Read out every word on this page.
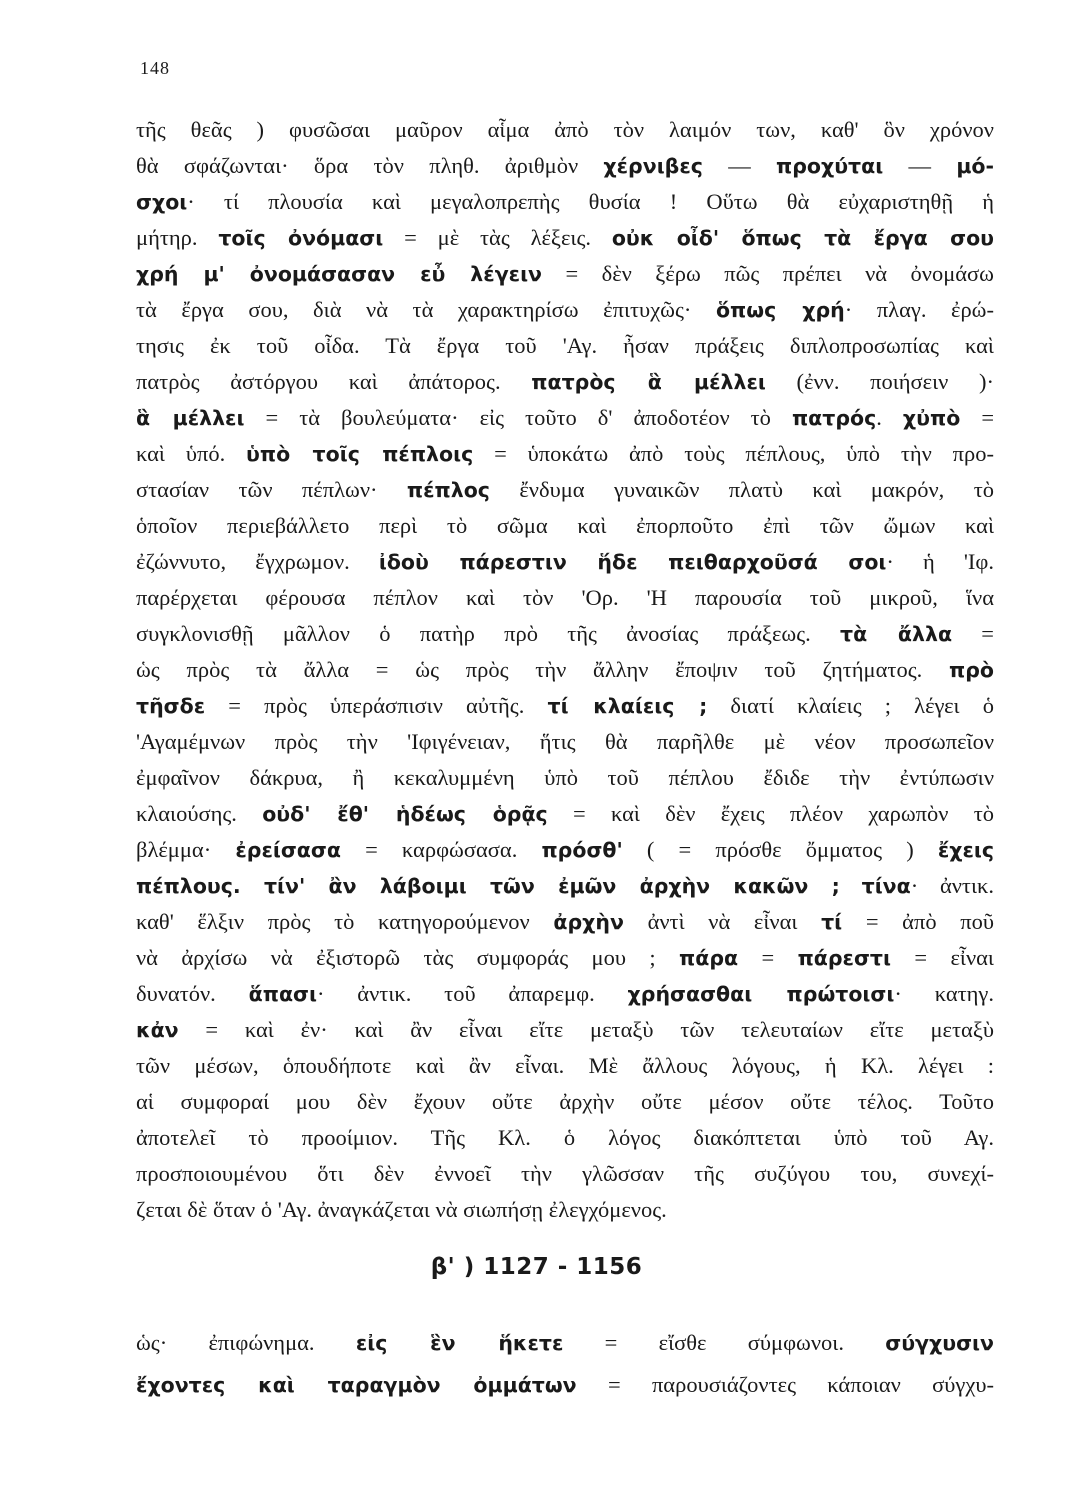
148
τῆς θεᾶς ) φυσῶσαι μαῦρον αἷμα ἀπὸ τὸν λαιμόν των, καθ' ὃν χρόνον
θὰ σφάζωνται· ὅρα τὸν πληθ. ἀριθμὸν χέρνιβες — προχύται — μό-
σχοι· τί πλουσία καὶ μεγαλοπρεπὴς θυσία ! Οὕτω θὰ εὐχαριστηθῇ ἡ
μήτηρ. τοῖς ὀνόμασι = μὲ τὰς λέξεις. οὐκ οἶδ' ὅπως τὰ ἔργα σου
χρή μ' ὀνομάσασαν εὖ λέγειν = δὲν ξέρω πῶς πρέπει νὰ ὀνομάσω
τὰ ἔργα σου, διὰ νὰ τὰ χαρακτηρίσω ἐπιτυχῶς· ὅπως χρή· πλαγ. ἐρώ-
τησις ἐκ τοῦ οἶδα. Τὰ ἔργα τοῦ 'Αγ. ἦσαν πράξεις διπλοπροσωπίας καὶ
πατρὸς ἀστόργου καὶ ἀπάτορος. πατρὸς ἃ μέλλει (ἐνν. ποιήσειν )·
ἃ μέλλει = τὰ βουλεύματα· εἰς τοῦτο δ' ἀποδοτέον τὸ πατρός. χὐπὸ =
καὶ ὑπό. ὑπὸ τοῖς πέπλοις = ὑποκάτω ἀπὸ τοὺς πέπλους, ὑπὸ τὴν προ-
στασίαν τῶν πέπλων· πέπλος ἔνδυμα γυναικῶν πλατὺ καὶ μακρόν, τὸ
ὁποῖον περιεβάλλετο περὶ τὸ σῶμα καὶ ἐπορποῦτο ἐπὶ τῶν ὤμων καὶ
ἐζώννυτο, ἔγχρωμον. ἰδοὺ πάρεστιν ἥδε πειθαρχοῦσά σοι· ἡ 'Ιφ.
παρέρχεται φέρουσα πέπλον καὶ τὸν 'Ορ. 'Η παρουσία τοῦ μικροῦ, ἵνα
συγκλονισθῇ μᾶλλον ὁ πατὴρ πρὸ τῆς ἀνοσίας πράξεως. τὰ ἄλλα =
ὡς πρὸς τὰ ἄλλα = ὡς πρὸς τὴν ἄλλην ἔποψιν τοῦ ζητήματος. πρὸ
τῆσδε = πρὸς ὑπεράσπισιν αὐτῆς. τί κλαίεις ; διατί κλαίεις ; λέγει ὁ
'Αγαμέμνων πρὸς τὴν 'Ιφιγένειαν, ἥτις θὰ παρῆλθε μὲ νέον προσωπεῖον
ἐμφαῖνον δάκρυα, ἢ κεκαλυμμένη ὑπὸ τοῦ πέπλου ἔδιδε τὴν ἐντύπωσιν
κλαιούσης. οὐδ' ἔθ' ἡδέως ὁρᾷς = καὶ δὲν ἔχεις πλέον χαρωπὸν τὸ
βλέμμα· ἐρείσασα = καρφώσασα. πρόσθ' ( = πρόσθε ὄμματος ) ἔχεις
πέπλους. τίν' ἂν λάβοιμι τῶν ἐμῶν ἀρχὴν κακῶν ; τίνα· ἀντικ.
καθ' ἕλξιν πρὸς τὸ κατηγορούμενον ἀρχὴν ἀντὶ νὰ εἶναι τί = ἀπὸ ποῦ
νὰ ἀρχίσω νὰ ἐξιστορῶ τὰς συμφοράς μου ; πάρα = πάρεστι = εἶναι
δυνατόν. ἅπασι· ἀντικ. τοῦ ἀπαρεμφ. χρήσασθαι πρώτοισι· κατηγ.
κἀν = καὶ ἐν· καὶ ἂν εἶναι εἴτε μεταξὺ τῶν τελευταίων εἴτε μεταξὺ
τῶν μέσων, ὁπουδήποτε καὶ ἂν εἶναι. Μὲ ἄλλους λόγους, ἡ Κλ. λέγει :
αἱ συμφοραί μου δὲν ἔχουν οὔτε ἀρχὴν οὔτε μέσον οὔτε τέλος. Τοῦτο
ἀποτελεῖ τὸ προοίμιον. Τῆς Κλ. ὁ λόγος διακόπτεται ὑπὸ τοῦ Αγ.
προσποιουμένου ὅτι δὲν ἐννοεῖ τὴν γλῶσσαν τῆς συζύγου του, συνεχί-
ζεται δὲ ὅταν ὁ 'Αγ. ἀναγκάζεται νὰ σιωπήσῃ ἐλεγχόμενος.
β' ) 1127 - 1156
ὡς· ἐπιφώνημα. εἰς ἓν ἥκετε = εἴσθε σύμφωνοι. σύγχυσιν
ἔχοντες καὶ ταραγμὸν ὀμμάτων = παρουσιάζοντες κάποιαν σύγχυ-
